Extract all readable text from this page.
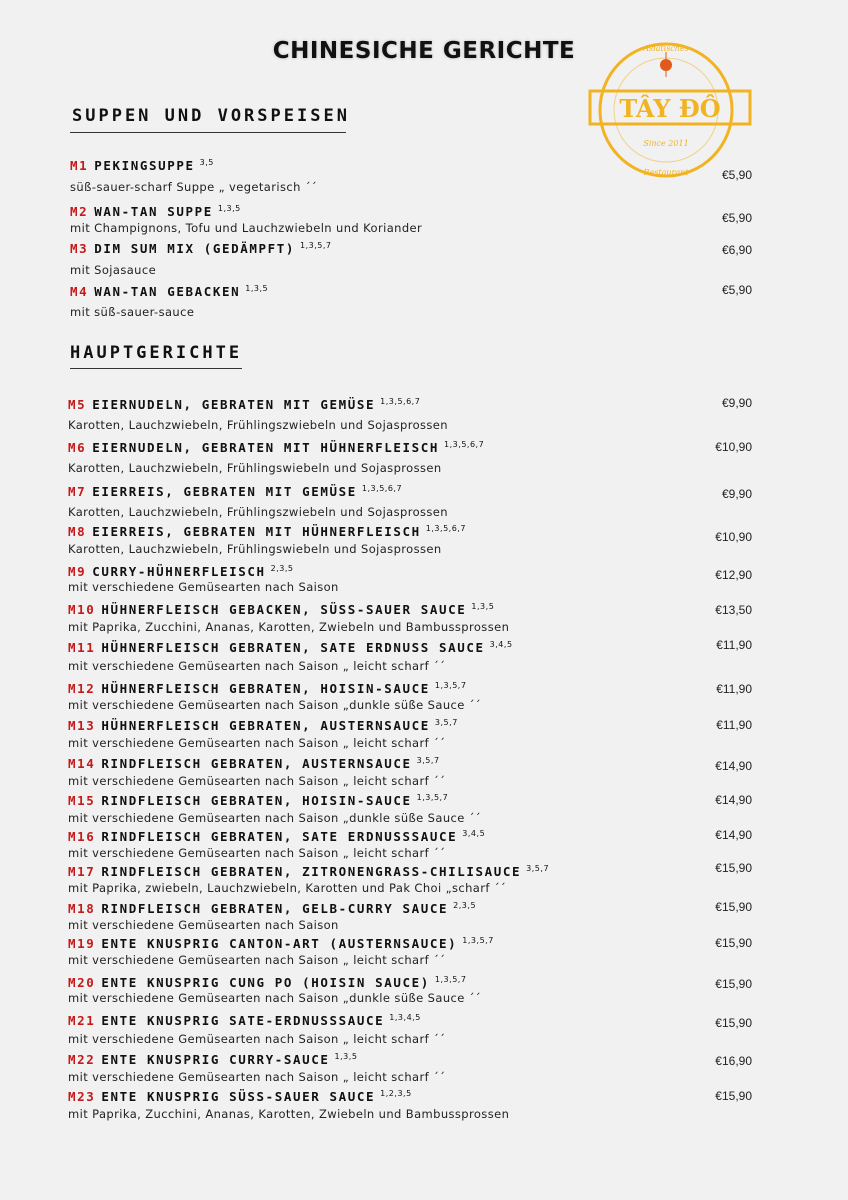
CHINESICHE GERICHTE
TÂY ĐÔ
Asiatisches
Since 2011
Restaurant
SUPPEN UND VORSPEISEN
HAUPTGERICHTE
M1 PEKINGSUPPE $^{3,5}$
süß-sauer-scharf Suppe „ vegetarisch ´´
€5,90
M2 WAN-TAN SUPPE $^{1,3,5}$
mit Champignons, Tofu und Lauchzwiebeln und Koriander
€5,90
M3 DIM SUM MIX (GEDÄMPFT) $^{1,3,5,7}$
mit Sojasauce
€6,90
M4 WAN-TAN GEBACKEN $^{1,3,5}$
mit süß-sauer-sauce
€5,90
M5 EIERNUDELN, GEBRATEN MIT GEMÜSE $^{1,3,5,6,7}$
Karotten, Lauchzwiebeln, Frühlingszwiebeln und Sojasprossen
€9,90
M6 EIERNUDELN, GEBRATEN MIT HÜHNERFLEISCH $^{1,3,5,6,7}$
Karotten, Lauchzwiebeln, Frühlingswiebeln und Sojasprossen
€10,90
M7 EIERREIS, GEBRATEN MIT GEMÜSE $^{1,3,5,6,7}$
Karotten, Lauchzwiebeln, Frühlingszwiebeln und Sojasprossen
€9,90
M8 EIERREIS, GEBRATEN MIT HÜHNERFLEISCH $^{1,3,5,6,7}$
Karotten, Lauchzwiebeln, Frühlingswiebeln und Sojasprossen
€10,90
M9 CURRY-HÜHNERFLEISCH $^{2,3,5}$
mit verschiedene Gemüsearten nach Saison
€12,90
M10 HÜHNERFLEISCH GEBACKEN, SÜSS-SAUER SAUCE $^{1,3,5}$
mit Paprika, Zucchini, Ananas, Karotten, Zwiebeln und Bambussprossen
€13,50
M11 HÜHNERFLEISCH GEBRATEN, SATE ERDNUSS SAUCE $^{3,4,5}$
mit verschiedene Gemüsearten nach Saison „ leicht scharf ´´
€11,90
M12 HÜHNERFLEISCH GEBRATEN, HOISIN-SAUCE $^{1,3,5,7}$
mit verschiedene Gemüsearten nach Saison „dunkle süße Sauce ´´
€11,90
M13 HÜHNERFLEISCH GEBRATEN, AUSTERNSAUCE $^{3,5,7}$
mit verschiedene Gemüsearten nach Saison „ leicht scharf ´´
€11,90
M14 RINDFLEISCH GEBRATEN, AUSTERNSAUCE $^{3,5,7}$
mit verschiedene Gemüsearten nach Saison „ leicht scharf ´´
€14,90
M15 RINDFLEISCH GEBRATEN, HOISIN-SAUCE $^{1,3,5,7}$
mit verschiedene Gemüsearten nach Saison „dunkle süße Sauce ´´
€14,90
M16 RINDFLEISCH GEBRATEN, SATE ERDNUSSSAUCE $^{3,4,5}$
mit verschiedene Gemüsearten nach Saison „ leicht scharf ´´
€14,90
M17 RINDFLEISCH GEBRATEN, ZITRONENGRASS-CHILISAUCE $^{3,5,7}$
mit Paprika, zwiebeln, Lauchzwiebeln, Karotten und Pak Choi „scharf ´´
€15,90
M18 RINDFLEISCH GEBRATEN, GELB-CURRY SAUCE $^{2,3,5}$
mit verschiedene Gemüsearten nach Saison
€15,90
M19 ENTE KNUSPRIG CANTON-ART (AUSTERNSAUCE) $^{1,3,5,7}$
mit verschiedene Gemüsearten nach Saison „ leicht scharf ´´
€15,90
M20 ENTE KNUSPRIG CUNG PO (HOISIN SAUCE) $^{1,3,5,7}$
mit verschiedene Gemüsearten nach Saison „dunkle süße Sauce ´´
€15,90
M21 ENTE KNUSPRIG SATE-ERDNUSSSAUCE $^{1,3,4,5}$
mit verschiedene Gemüsearten nach Saison „ leicht scharf ´´
€15,90
M22 ENTE KNUSPRIG CURRY-SAUCE $^{1,3,5}$
mit verschiedene Gemüsearten nach Saison „ leicht scharf ´´
€16,90
M23 ENTE KNUSPRIG SÜSS-SAUER SAUCE $^{1,2,3,5}$
mit Paprika, Zucchini, Ananas, Karotten, Zwiebeln und Bambussprossen
€15,90
